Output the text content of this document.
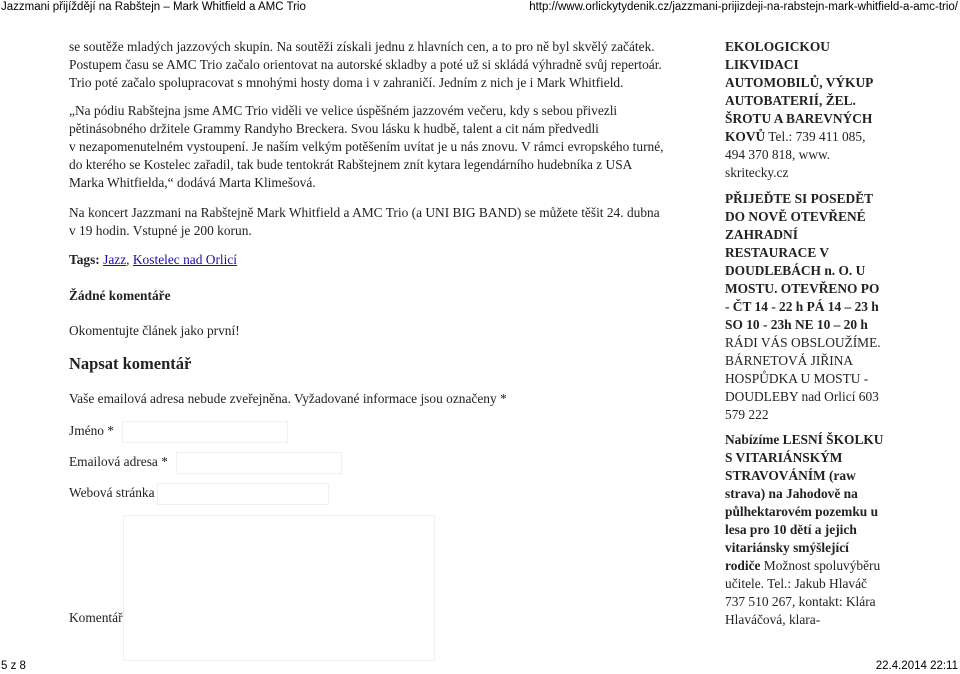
Jazzmani přijíždějí na Rabštejn – Mark Whitfield a AMC Trio	http://www.orlickytydenik.cz/jazzmani-prijizdeji-na-rabstejn-mark-whitfield-a-amc-trio/
se soutěže mladých jazzových skupin. Na soutěži získali jednu z hlavních cen, a to pro ně byl skvělý začátek.
Postupem času se AMC Trio začalo orientovat na autorské skladby a poté už si skládá výhradně svůj repertoár.
Trio poté začalo spolupracovat s mnohými hosty doma i v zahraničí. Jedním z nich je i Mark Whitfield.
„Na pódiu Rabštejna jsme AMC Trio viděli ve velice úspěšném jazzovém večeru, kdy s sebou přivezli
pětinásobného držitele Grammy Randyho Breckera. Svou lásku k hudbě, talent a cit nám předvedli
v nezapomenutelném vystoupení. Je naším velkým potěšením uvítat je u nás znovu. V rámci evropského turné,
do kterého se Kostelec zařadil, tak bude tentokrát Rabštejnem znít kytara legendárního hudebníka z USA
Marka Whitfielda,“ dodává Marta Klimešová.
Na koncert Jazzmani na Rabštejně Mark Whitfield a AMC Trio (a UNI BIG BAND) se můžete těšit 24. dubna
v 19 hodin. Vstupné je 200 korun.
Tags: Jazz, Kostelec nad Orlicí
Žádné komentáře
Okomentujte článek jako první!
Napsat komentář
Vaše emailová adresa nebude zveřejněna. Vyžadované informace jsou označeny *
Jméno *
Emailová adresa *
Webová stránka
Komentář
EKOLOGICKOU
LIKVIDACI
AUTOMOBILŮ, VÝKUP
AUTOBATERIÍ, ŽEL.
ŠROTU A BAREVNÝCH
KOVŮ Tel.: 739 411 085,
494 370 818, www.
skritecky.cz
PŘIJEĎTE SI POSEDĚT
DO NOVĚ OTEVŘENÉ
ZAHRADNÍ
RESTAURACE V
DOUDLEBÁCH n. O. U
MOSTU. OTEVŘENO PO
- ČT 14 - 22 h PÁ 14 – 23 h
SO 10 - 23h NE 10 – 20 h
RÁDI VÁS OBSLOUŽÍME.
BÁRNETOVÁ JIŘINA
HOSPŮDKA U MOSTU -
DOUDLEBY nad Orlicí 603
579 222
Nabízíme LESNÍ ŠKOLKU
S VITARIÁNSKÝM
STRAVOVÁNÍM (raw
strava) na Jahodově na
půlhektarovém pozemku u
lesa pro 10 dětí a jejich
vitariánsky smýšlející
rodiče Možnost spoluvýběru
učitele. Tel.: Jakub Hlaváč
737 510 267, kontakt: Klára
Hlaváčová, klara-
5 z 8	22.4.2014 22:11
